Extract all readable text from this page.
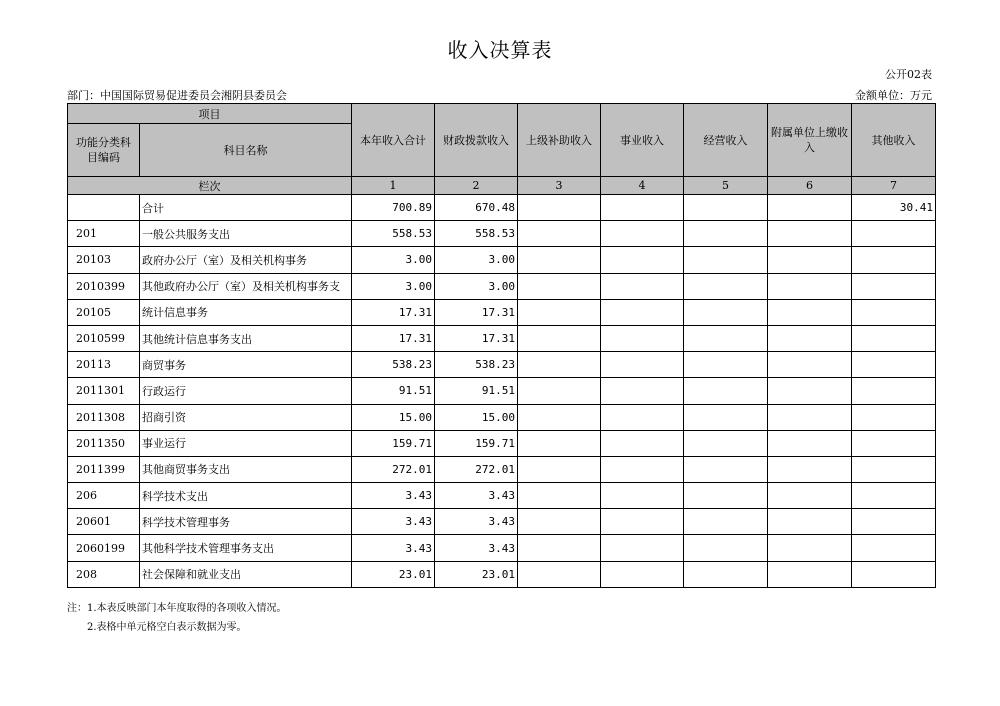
收入决算表
公开02表
部门：中国国际贸易促进委员会湘阴县委员会	金额单位：万元
项目		本年收入合计	财政拨款收入	上级补助收入	事业收入	经营收入	附属单位上缴收入	其他收入
功能分类科目编码	科目名称							
栏次		1	2	3	4	5	6	7
	合计	700.89	670.48					30.41
201	一般公共服务支出	558.53	558.53					
20103	政府办公厅（室）及相关机构事务	3.00	3.00					
2010399	其他政府办公厅（室）及相关机构事务支	3.00	3.00					
20105	统计信息事务	17.31	17.31					
2010599	其他统计信息事务支出	17.31	17.31					
20113	商贸事务	538.23	538.23					
2011301	行政运行	91.51	91.51					
2011308	招商引资	15.00	15.00					
2011350	事业运行	159.71	159.71					
2011399	其他商贸事务支出	272.01	272.01					
206	科学技术支出	3.43	3.43					
20601	科学技术管理事务	3.43	3.43					
2060199	其他科学技术管理事务支出	3.43	3.43					
208	社会保障和就业支出	23.01	23.01					
注：1.本表反映部门本年度取得的各项收入情况。
2.表格中单元格空白表示数据为零。
